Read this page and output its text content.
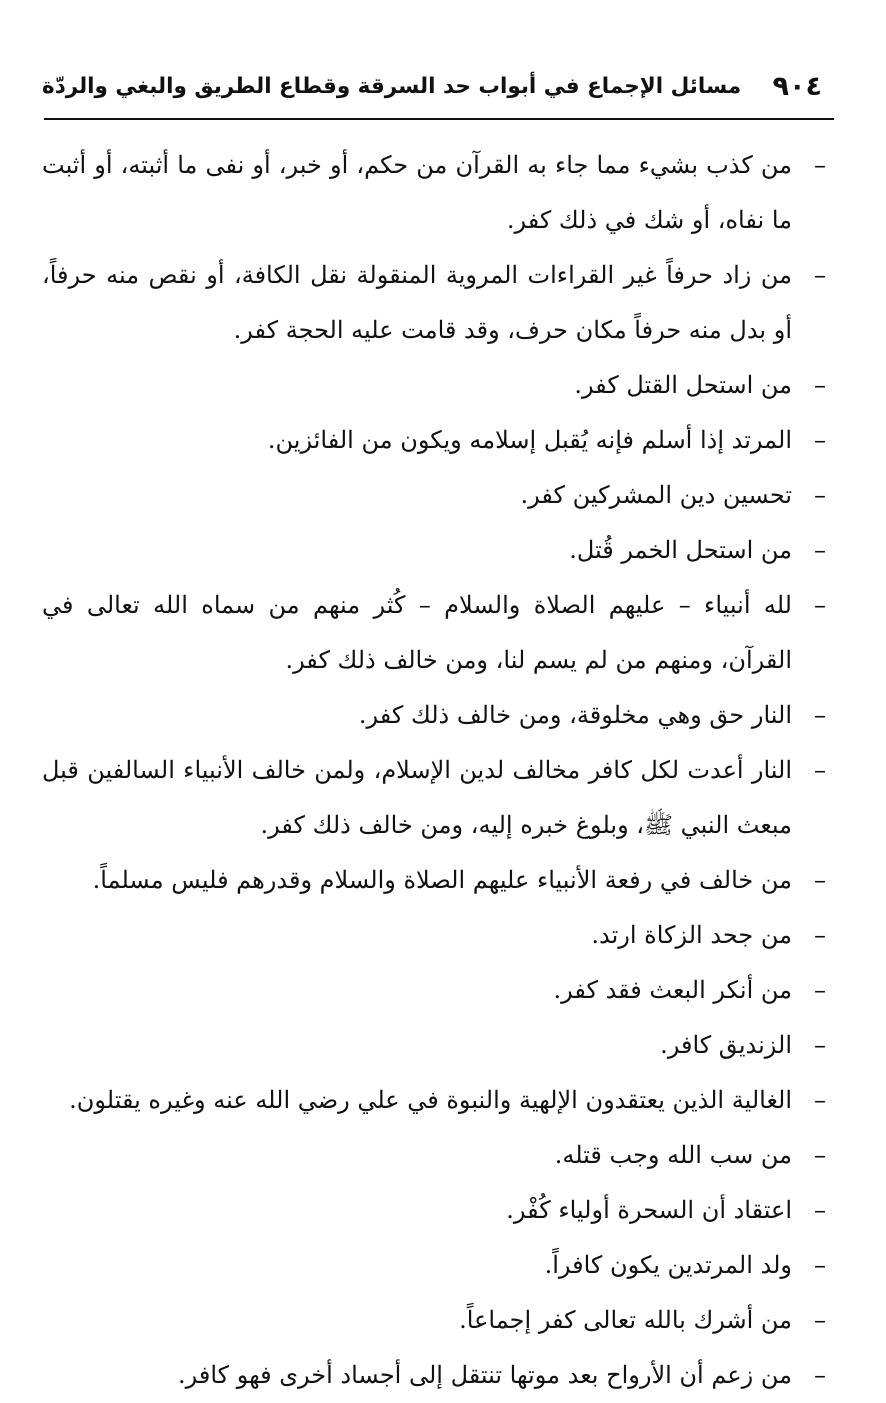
٩٠٤
مسائل الإجماع في أبواب حد السرقة وقطاع الطريق والبغي والردّة
–
من كذب بشيء مما جاء به القرآن من حكم، أو خبر، أو نفى ما أثبته، أو أثبت ما نفاه، أو شك في ذلك كفر.
–
من زاد حرفاً غير القراءات المروية المنقولة نقل الكافة، أو نقص منه حرفاً، أو بدل منه حرفاً مكان حرف، وقد قامت عليه الحجة كفر.
–
من استحل القتل كفر.
–
المرتد إذا أسلم فإنه يُقبل إسلامه ويكون من الفائزين.
–
تحسين دين المشركين كفر.
–
من استحل الخمر قُتل.
–
لله أنبياء – عليهم الصلاة والسلام – كُثر منهم من سماه الله تعالى في القرآن، ومنهم من لم يسم لنا، ومن خالف ذلك كفر.
–
النار حق وهي مخلوقة، ومن خالف ذلك كفر.
–
النار أعدت لكل كافر مخالف لدين الإسلام، ولمن خالف الأنبياء السالفين قبل مبعث النبي ﷺ، وبلوغ خبره إليه، ومن خالف ذلك كفر.
–
من خالف في رفعة الأنبياء عليهم الصلاة والسلام وقدرهم فليس مسلماً.
–
من جحد الزكاة ارتد.
–
من أنكر البعث فقد كفر.
–
الزنديق كافر.
–
الغالية الذين يعتقدون الإلهية والنبوة في علي رضي الله عنه وغيره يقتلون.
–
من سب الله وجب قتله.
–
اعتقاد أن السحرة أولياء كُفْر.
–
ولد المرتدين يكون كافراً.
–
من أشرك بالله تعالى كفر إجماعاً.
–
من زعم أن الأرواح بعد موتها تنتقل إلى أجساد أخرى فهو كافر.
